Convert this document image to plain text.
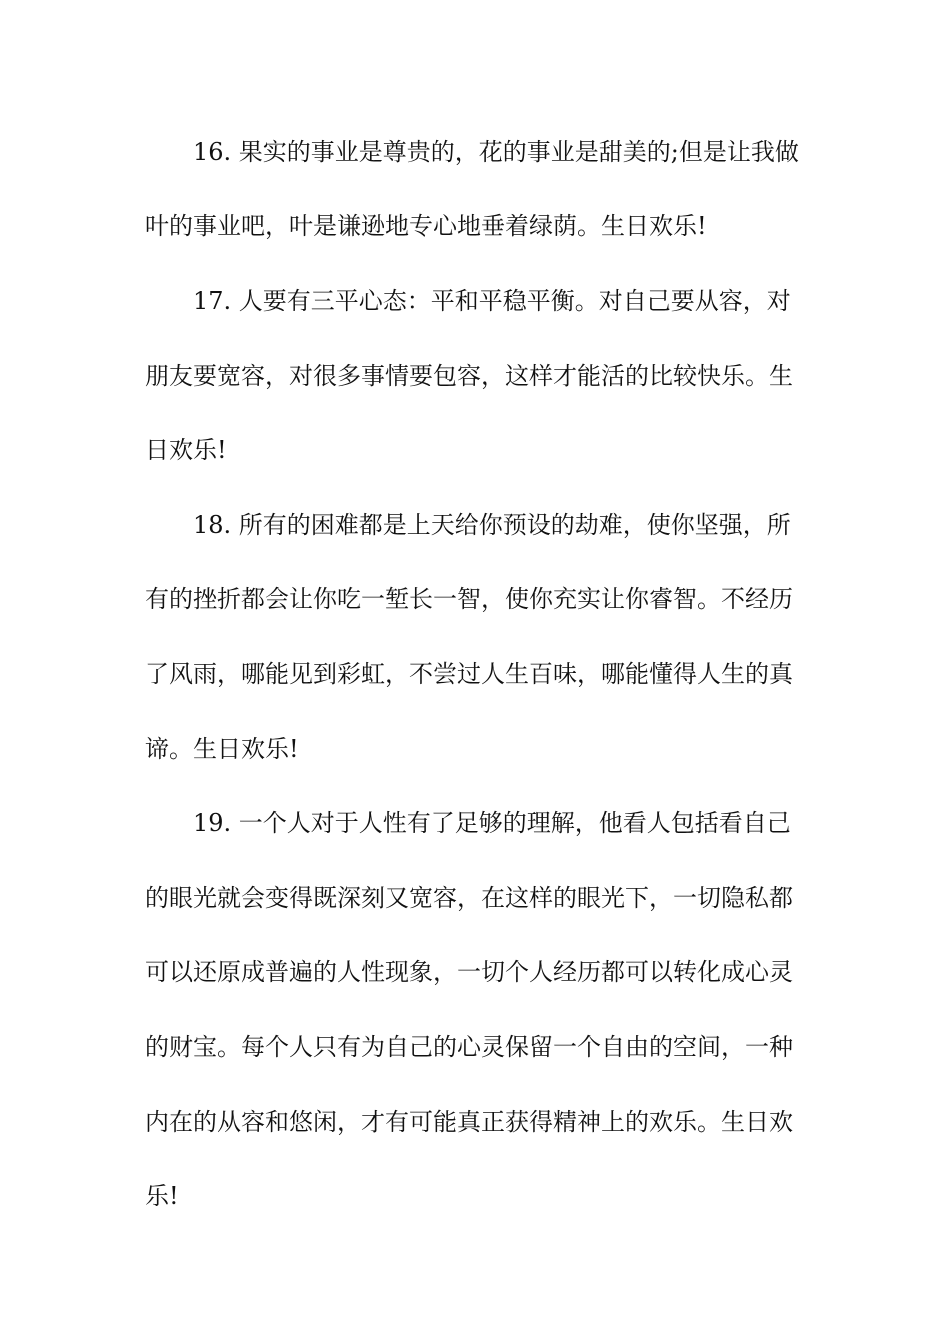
16. 果实的事业是尊贵的，花的事业是甜美的;但是让我做
叶的事业吧，叶是谦逊地专心地垂着绿荫。生日欢乐!
17. 人要有三平心态：平和平稳平衡。对自己要从容，对
朋友要宽容，对很多事情要包容，这样才能活的比较快乐。生
日欢乐!
18. 所有的困难都是上天给你预设的劫难，使你坚强，所
有的挫折都会让你吃一堑长一智，使你充实让你睿智。不经历
了风雨，哪能见到彩虹，不尝过人生百味，哪能懂得人生的真
谛。生日欢乐!
19. 一个人对于人性有了足够的理解，他看人包括看自己
的眼光就会变得既深刻又宽容，在这样的眼光下，一切隐私都
可以还原成普遍的人性现象，一切个人经历都可以转化成心灵
的财宝。每个人只有为自己的心灵保留一个自由的空间，一种
内在的从容和悠闲，才有可能真正获得精神上的欢乐。生日欢
乐!
